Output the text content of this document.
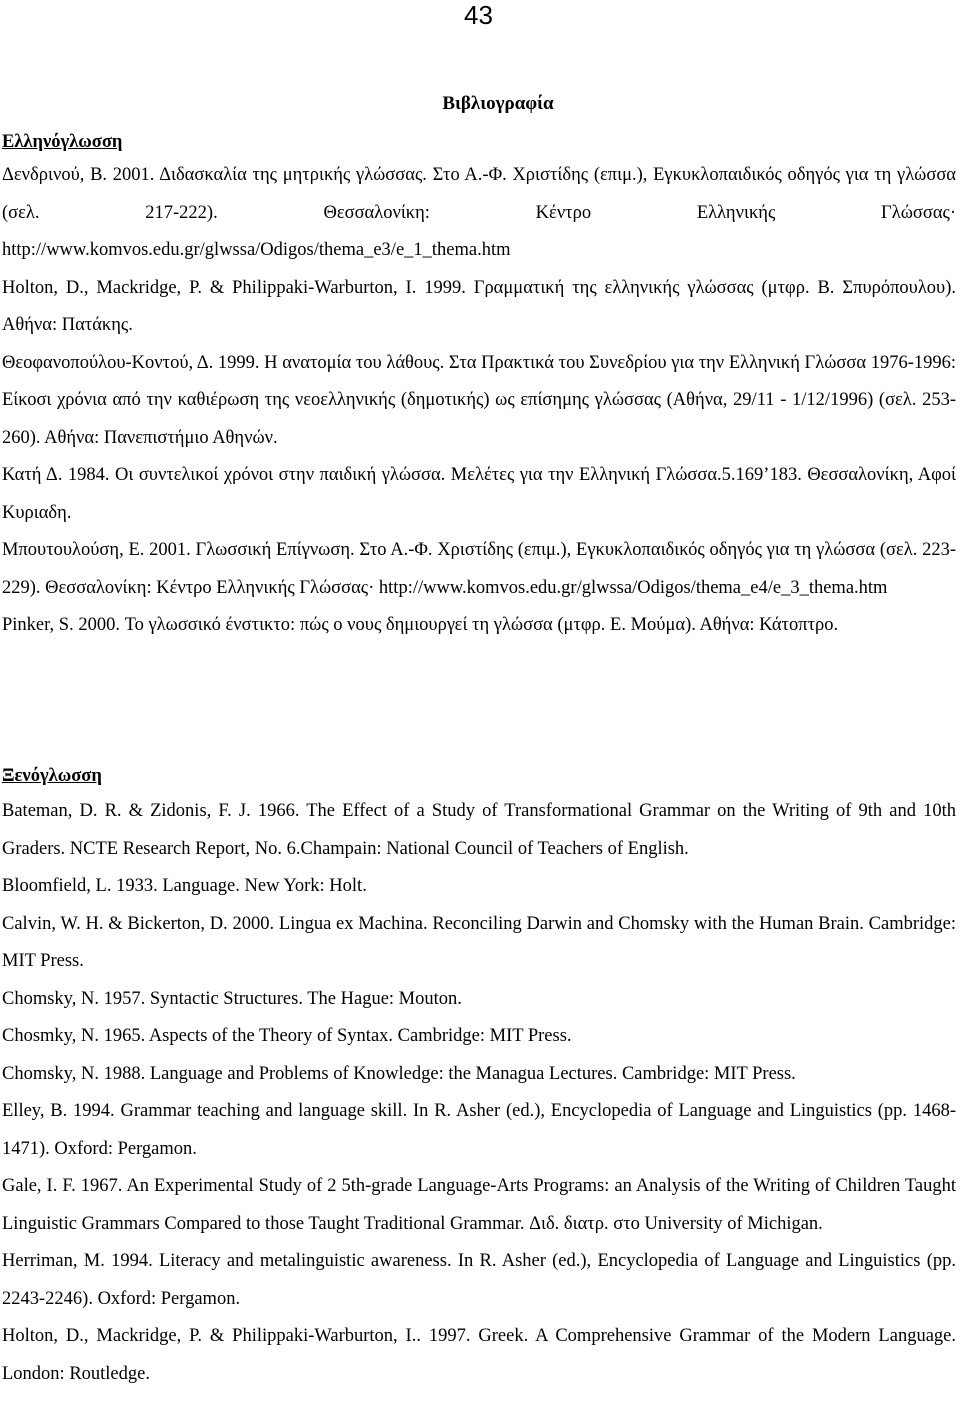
43
Βιβλιογραφία
Ελληνόγλωσση

Δενδρινού, Β. 2001. Διδασκαλία της μητρικής γλώσσας. Στο Α.-Φ. Χριστίδης (επιμ.), Εγκυκλοπαιδικός οδηγός για τη γλώσσα (σελ. 217-222). Θεσσαλονίκη: Κέντρο Ελληνικής Γλώσσας· http://www.komvos.edu.gr/glwssa/Odigos/thema_e3/e_1_thema.htm

Holton, D., Mackridge, P. & Philippaki-Warburton, I. 1999. Γραμματική της ελληνικής γλώσσας (μτφρ. Β. Σπυρόπουλου). Αθήνα: Πατάκης.

Θεοφανοπούλου-Κοντού, Δ. 1999. Η ανατομία του λάθους. Στα Πρακτικά του Συνεδρίου για την Ελληνική Γλώσσα 1976-1996: Είκοσι χρόνια από την καθιέρωση της νεοελληνικής (δημοτικής) ως επίσημης γλώσσας (Αθήνα, 29/11 - 1/12/1996) (σελ. 253-260). Αθήνα: Πανεπιστήμιο Αθηνών.

Κατή Δ. 1984. Οι συντελικοί χρόνοι στην παιδική γλώσσα. Μελέτες για την Ελληνική Γλώσσα.5.169’183. Θεσσαλονίκη, Αφοί Κυριαδη.

Μπουτουλούση, Ε. 2001. Γλωσσική Επίγνωση. Στο Α.-Φ. Χριστίδης (επιμ.), Εγκυκλοπαιδικός οδηγός για τη γλώσσα (σελ. 223-229). Θεσσαλονίκη: Κέντρο Ελληνικής Γλώσσας· http://www.komvos.edu.gr/glwssa/Odigos/thema_e4/e_3_thema.htm

Pinker, S. 2000. Το γλωσσικό ένστικτο: πώς ο νους δημιουργεί τη γλώσσα (μτφρ. Ε. Μούμα). Αθήνα: Κάτοπτρο.

Ξενόγλωσση

Bateman, D. R. & Zidonis, F. J. 1966. The Effect of a Study of Transformational Grammar on the Writing of 9th and 10th Graders. NCTE Research Report, No. 6.Champain: National Council of Teachers of English.

Bloomfield, L. 1933. Language. New York: Holt.

Calvin, W. H. & Bickerton, D. 2000. Lingua ex Machina. Reconciling Darwin and Chomsky with the Human Brain. Cambridge: MIT Press.

Chomsky, N. 1957. Syntactic Structures. The Hague: Mouton.

Chosmky, N. 1965. Aspects of the Theory of Syntax. Cambridge: MIT Press.

Chomsky, N. 1988. Language and Problems of Knowledge: the Managua Lectures. Cambridge: MIT Press.

Elley, B. 1994. Grammar teaching and language skill. In R. Asher (ed.), Encyclopedia of Language and Linguistics (pp. 1468-1471). Oxford: Pergamon.

Gale, I. F. 1967. An Experimental Study of 2 5th-grade Language-Arts Programs: an Analysis of the Writing of Children Taught Linguistic Grammars Compared to those Taught Traditional Grammar. Διδ. διατρ. στο University of Michigan.

Herriman, M. 1994. Literacy and metalinguistic awareness. In R. Asher (ed.), Encyclopedia of Language and Linguistics (pp. 2243-2246). Oxford: Pergamon.

Holton, D., Mackridge, P. & Philippaki-Warburton, I.. 1997. Greek. A Comprehensive Grammar of the Modern Language. London: Routledge.
